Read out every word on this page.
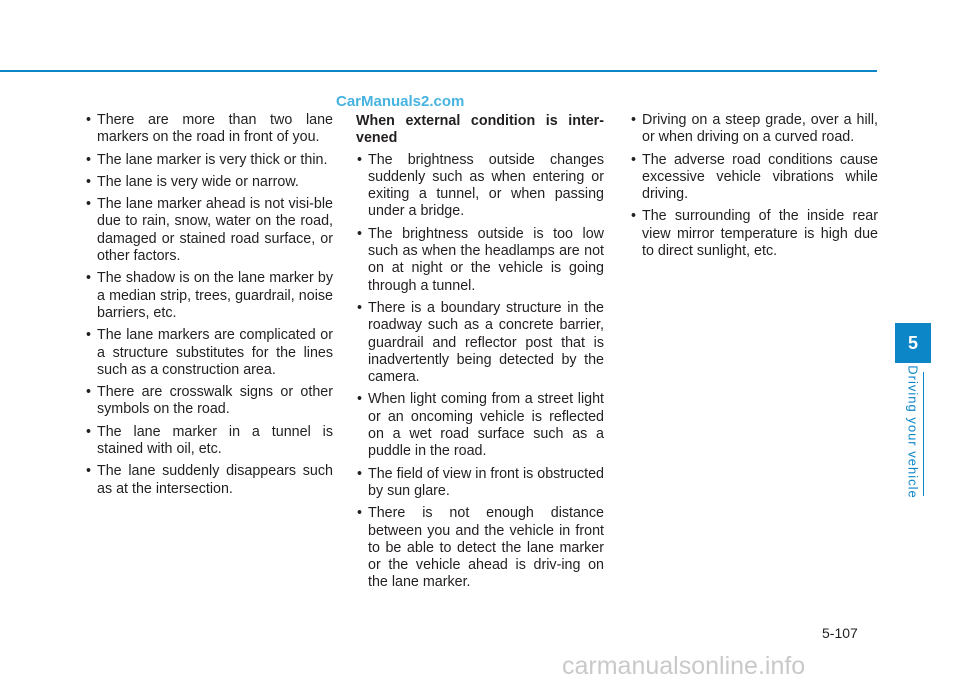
CarManuals2.com
• There are more than two lane markers on the road in front of you.
• The lane marker is very thick or thin.
• The lane is very wide or narrow.
• The lane marker ahead is not visi-ble due to rain, snow, water on the road, damaged or stained road surface, or other factors.
• The shadow is on the lane marker by a median strip, trees, guardrail, noise barriers, etc.
• The lane markers are complicated or a structure substitutes for the lines such as a construction area.
• There are crosswalk signs or other symbols on the road.
• The lane marker in a tunnel is stained with oil, etc.
• The lane suddenly disappears such as at the intersection.
When external condition is inter-vened
• The brightness outside changes suddenly such as when entering or exiting a tunnel, or when passing under a bridge.
• The brightness outside is too low such as when the headlamps are not on at night or the vehicle is going through a tunnel.
• There is a boundary structure in the roadway such as a concrete barrier, guardrail and reflector post that is inadvertently being detected by the camera.
• When light coming from a street light or an oncoming vehicle is reflected on a wet road surface such as a puddle in the road.
• The field of view in front is obstructed by sun glare.
• There is not enough distance between you and the vehicle in front to be able to detect the lane marker or the vehicle ahead is driv-ing on the lane marker.
• Driving on a steep grade, over a hill, or when driving on a curved road.
• The adverse road conditions cause excessive vehicle vibrations while driving.
• The surrounding of the inside rear view mirror temperature is high due to direct sunlight, etc.
5
Driving your vehicle
5-107
carmanualsonline.info
